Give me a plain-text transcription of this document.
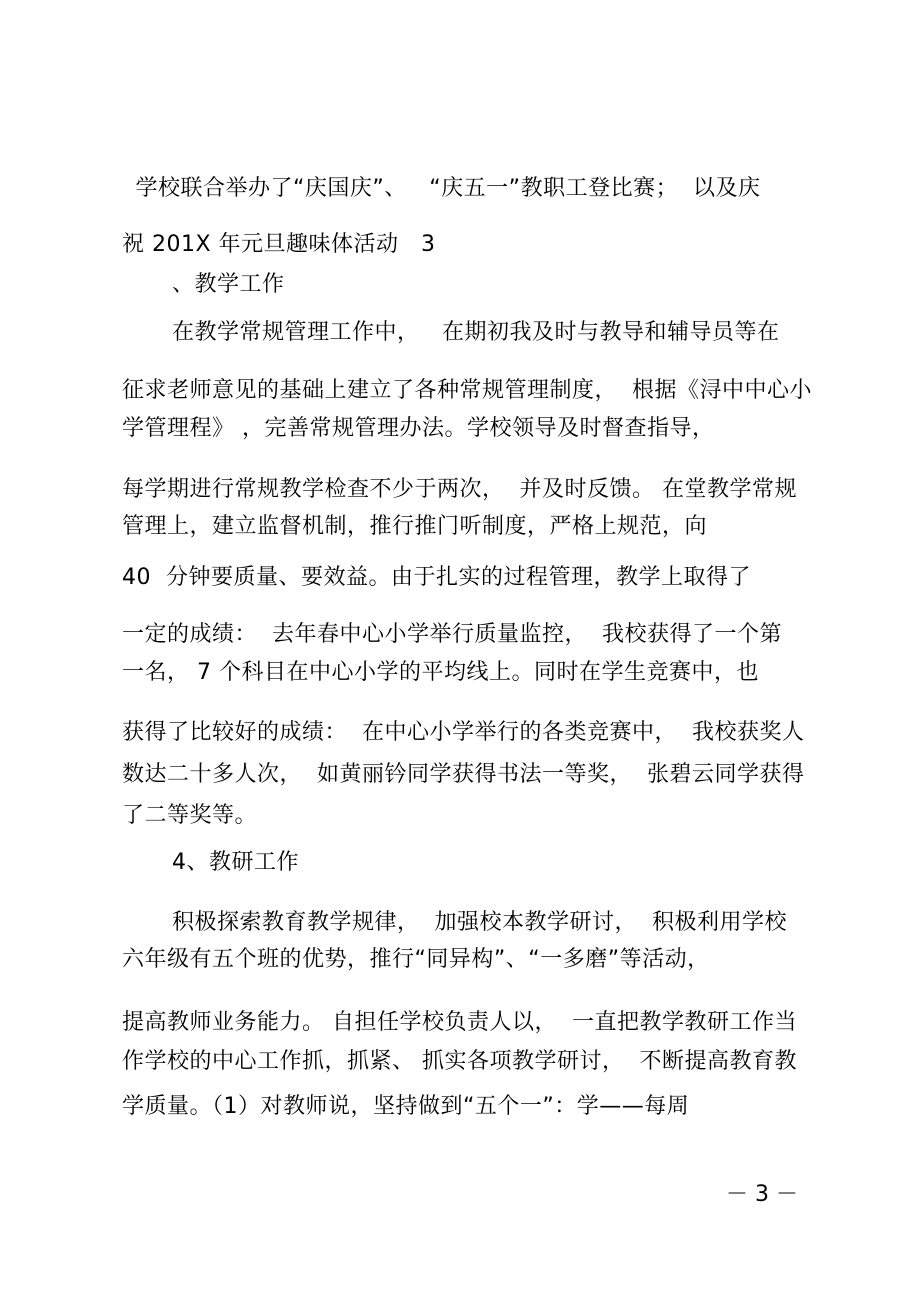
学校联合举办了“庆国庆”、   “庆五一”教职工登比赛；  以及庆
祝 201X 年元旦趣味体活动   3
、教学工作
在教学常规管理工作中，   在期初我及时与教导和辅导员等在
征求老师意见的基础上建立了各种常规管理制度，  根据《浔中中心小
学管理程》 ，完善常规管理办法。学校领导及时督查指导，
每学期进行常规教学检查不少于两次，  并及时反馈。 在堂教学常规
管理上，建立监督机制，推行推门听制度，严格上规范，向
40  分钟要质量、要效益。由于扎实的过程管理，教学上取得了
一定的成绩：  去年春中心小学举行质量监控，  我校获得了一个第
一名， 7 个科目在中心小学的平均线上。同时在学生竞赛中，也
获得了比较好的成绩：  在中心小学举行的各类竞赛中，  我校获奖人
数达二十多人次，  如黄丽钤同学获得书法一等奖，  张碧云同学获得
了二等奖等。
4、教研工作
积极探索教育教学规律，  加强校本教学研讨，  积极利用学校
六年级有五个班的优势，推行“同异构”、“一多磨”等活动，
提高教师业务能力。 自担任学校负责人以，  一直把教学教研工作当
作学校的中心工作抓，抓紧、 抓实各项教学研讨，  不断提高教育教
学质量。（1）对教师说，坚持做到“五个一”：学——每周
－ 3 －
